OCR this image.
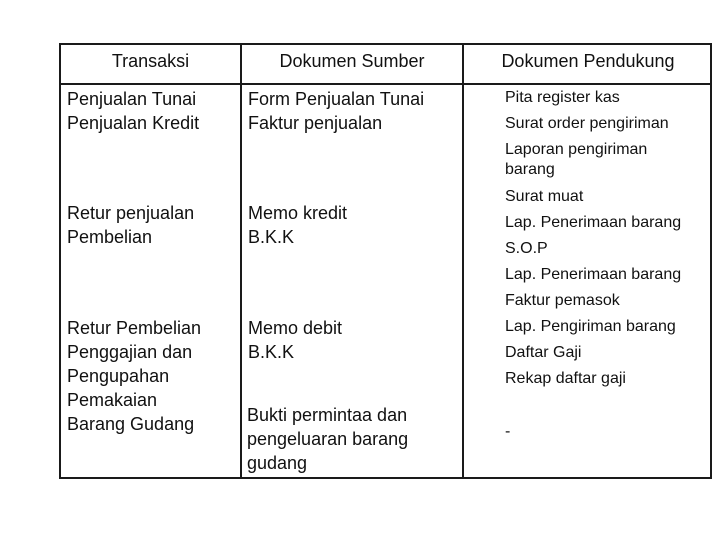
Transaksi	Dokumen Sumber	Dokumen Pendukung
Penjualan Tunai
Penjualan Kredit
Retur penjualan
Pembelian
Retur Pembelian
Penggajian dan
Pengupahan
Pemakaian
Barang Gudang
Form Penjualan Tunai
Faktur penjualan
Memo kredit
B.K.K
Memo debit
B.K.K
Bukti permintaa dan
pengeluaran barang
gudang
Pita register kas
Surat order pengiriman
Laporan pengiriman
barang
Surat muat
Lap. Penerimaan barang
S.O.P
Lap. Penerimaan barang
Faktur pemasok
Lap. Pengiriman barang
Daftar Gaji
Rekap daftar gaji
-
